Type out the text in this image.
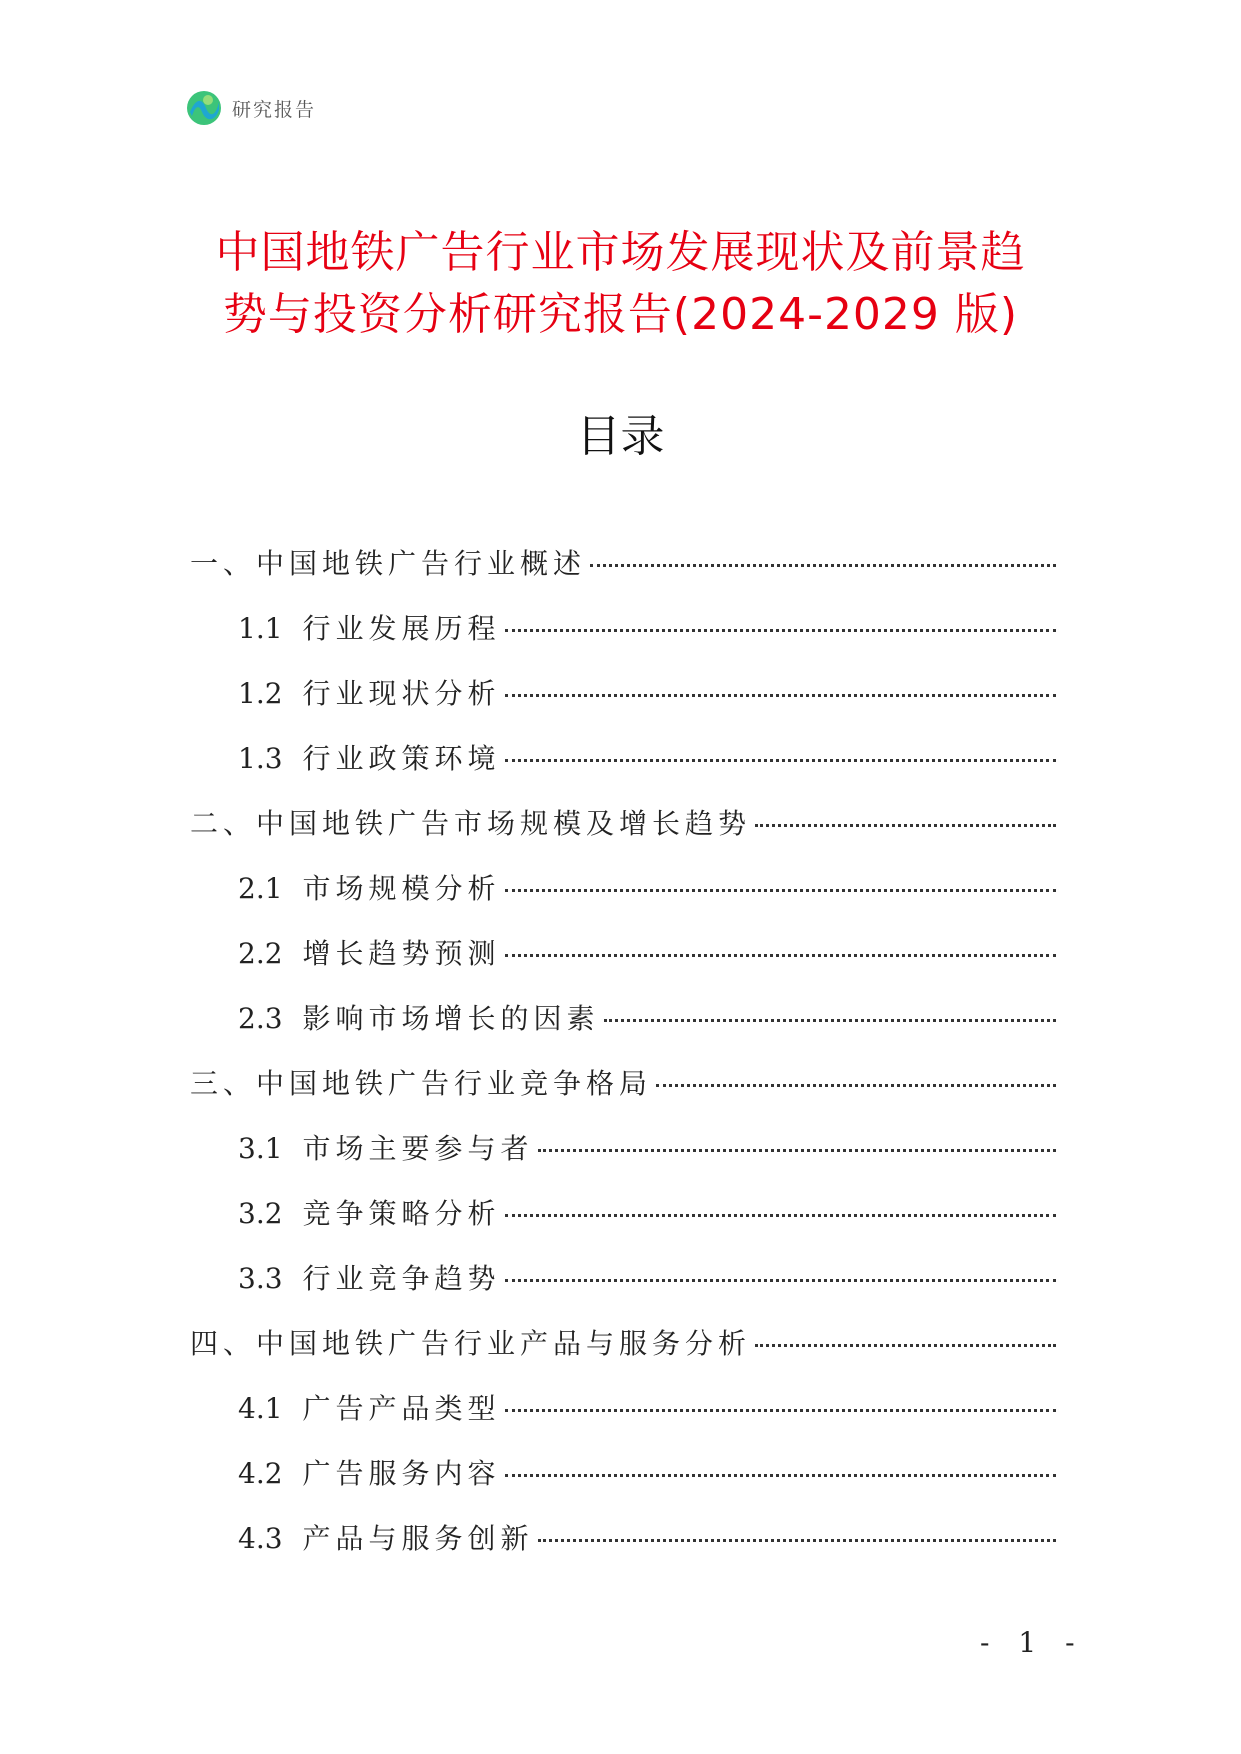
研究报告
中国地铁广告行业市场发展现状及前景趋
势与投资分析研究报告(2024-2029 版)
目录
一、中国地铁广告行业概述
1.1 行业发展历程
1.2 行业现状分析
1.3 行业政策环境
二、中国地铁广告市场规模及增长趋势
2.1 市场规模分析
2.2 增长趋势预测
2.3 影响市场增长的因素
三、中国地铁广告行业竞争格局
3.1 市场主要参与者
3.2 竞争策略分析
3.3 行业竞争趋势
四、中国地铁广告行业产品与服务分析
4.1 广告产品类型
4.2 广告服务内容
4.3 产品与服务创新
- 1 -
